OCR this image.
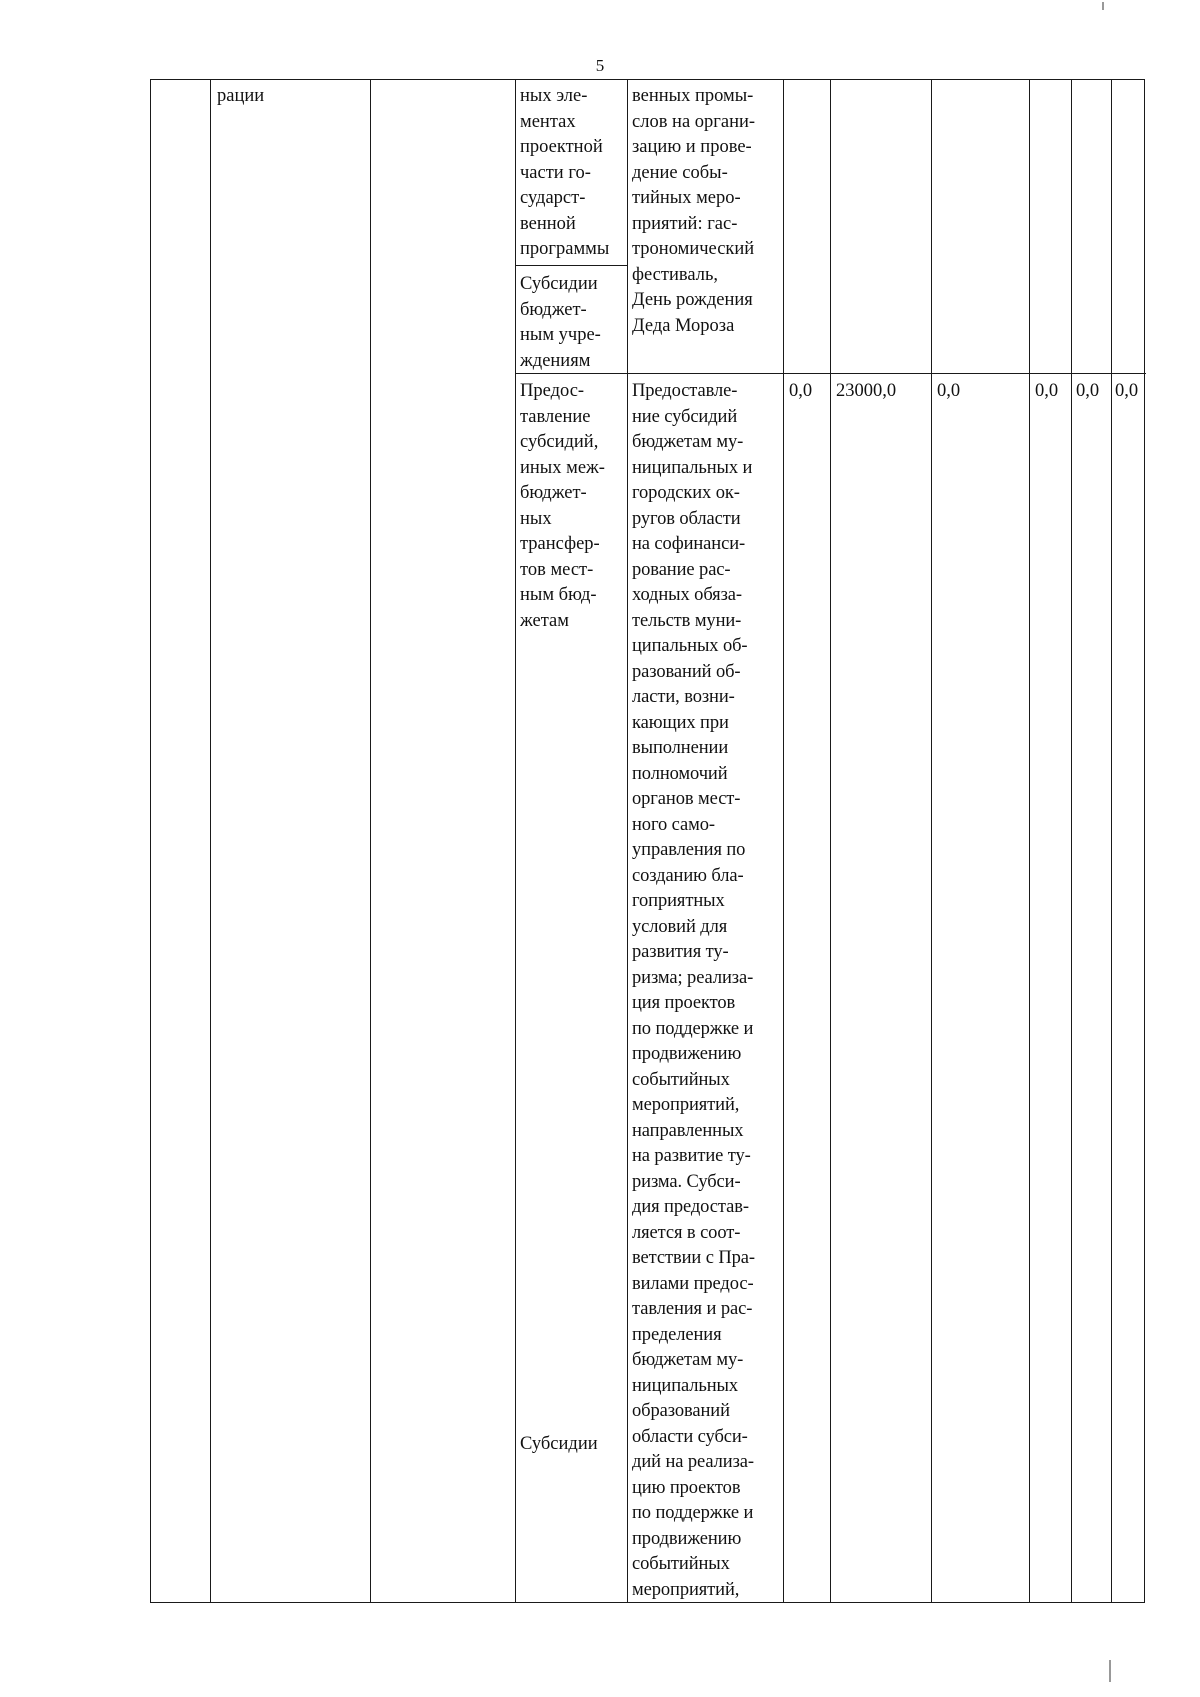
5
рации	ных эле-
ментах
проектной
части го-
сударст-
венной
программы
Субсидии
бюджет-
ным учре-
ждениям
венных промы-
слов на органи-
зацию и прове-
дение собы-
тийных меро-
приятий: гас-
трономический
фестиваль,
День рождения
Деда Мороза
Предос-
тавление
субсидий,
иных меж-
бюджет-
ных
трансфер-
тов мест-
ным бюд-
жетам
Субсидии
Предоставле-
ние субсидий
бюджетам му-
ниципальных и
городских ок-
ругов области
на софинанси-
рование рас-
ходных обяза-
тельств муни-
ципальных об-
разований об-
ласти, возни-
кающих при
выполнении
полномочий
органов мест-
ного само-
управления по
созданию бла-
гоприятных
условий для
развития ту-
ризма; реализа-
ция проектов
по поддержке и
продвижению
событийных
мероприятий,
направленных
на развитие ту-
ризма. Субси-
дия предостав-
ляется в соот-
ветствии с Пра-
вилами предос-
тавления и рас-
пределения
бюджетам му-
ниципальных
образований
области субси-
дий на реализа-
цию проектов
по поддержке и
продвижению
событийных
мероприятий,
0,0 23000,0 0,0	0,0 0,0 0,0
